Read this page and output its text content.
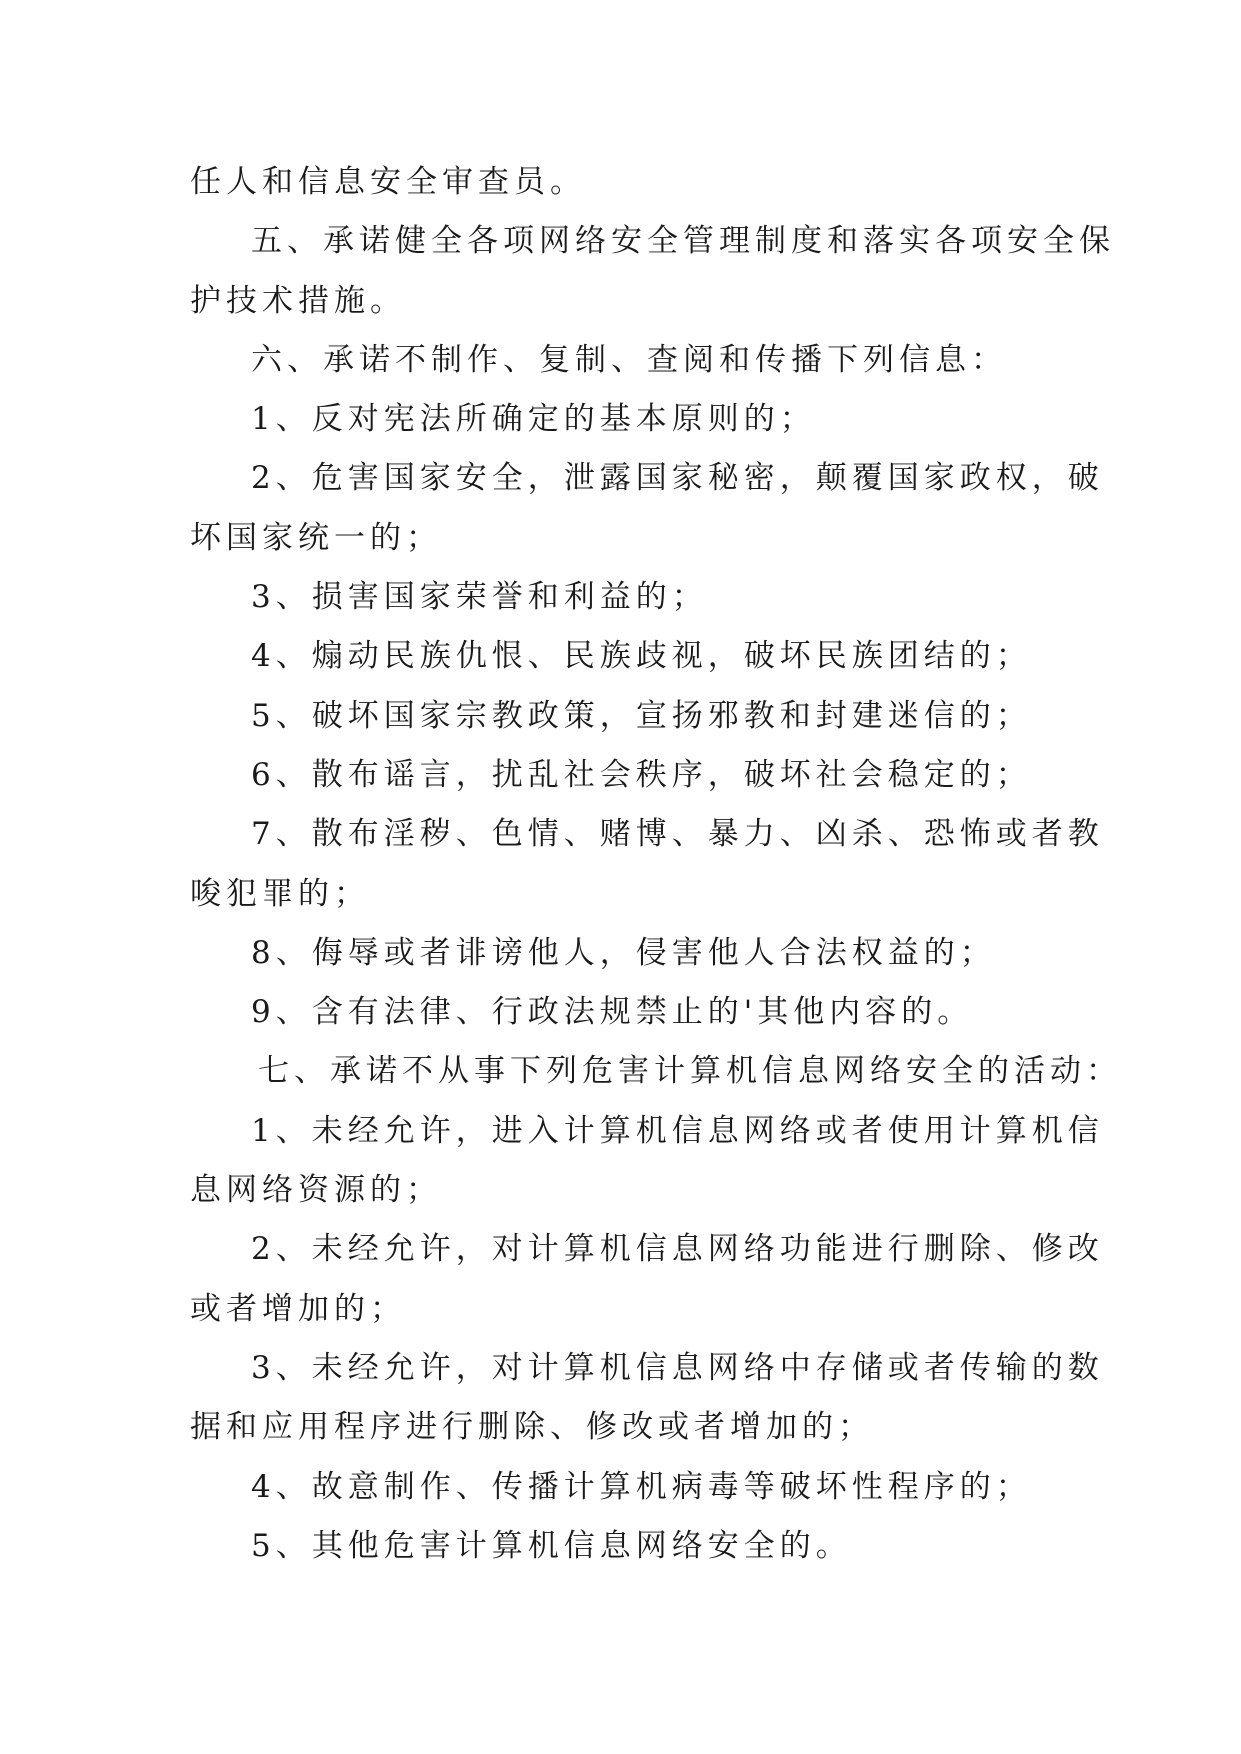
任人和信息安全审查员。
五、承诺健全各项网络安全管理制度和落实各项安全保
护技术措施。
六、承诺不制作、复制、查阅和传播下列信息：
1、反对宪法所确定的基本原则的；
2、危害国家安全，泄露国家秘密，颠覆国家政权，破
坏国家统一的；
3、损害国家荣誉和利益的；
4、煽动民族仇恨、民族歧视，破坏民族团结的；
5、破坏国家宗教政策，宣扬邪教和封建迷信的；
6、散布谣言，扰乱社会秩序，破坏社会稳定的；
7、散布淫秽、色情、赌博、暴力、凶杀、恐怖或者教
唆犯罪的；
8、侮辱或者诽谤他人，侵害他人合法权益的；
9、含有法律、行政法规禁止的'其他内容的。
七、承诺不从事下列危害计算机信息网络安全的活动：
1、未经允许，进入计算机信息网络或者使用计算机信
息网络资源的；
2、未经允许，对计算机信息网络功能进行删除、修改
或者增加的；
3、未经允许，对计算机信息网络中存储或者传输的数
据和应用程序进行删除、修改或者增加的；
4、故意制作、传播计算机病毒等破坏性程序的；
5、其他危害计算机信息网络安全的。
